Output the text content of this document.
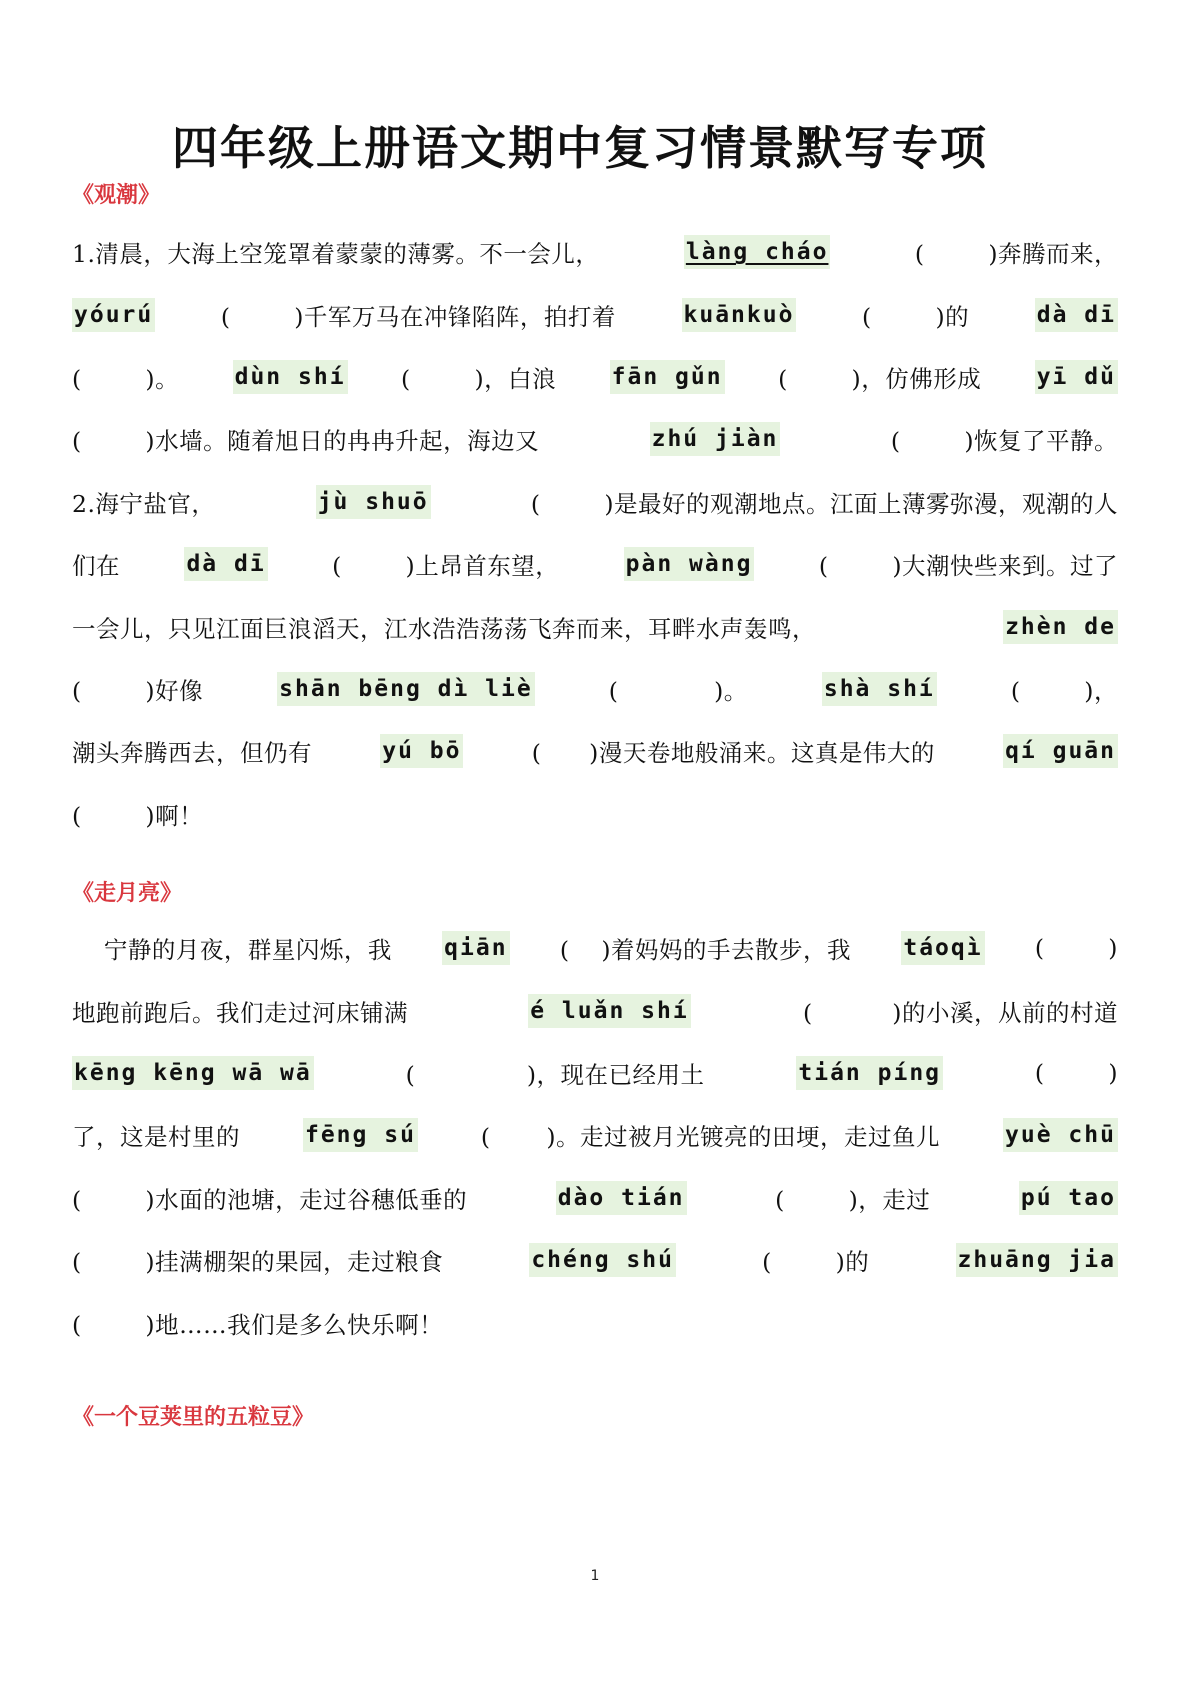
四年级上册语文期中复习情景默写专项
《观潮》
1.清晨，大海上空笼罩着蒙蒙的薄雾。不一会儿，	làng cháo	(        )奔腾而来，
yóurú	(        )千军万马在冲锋陷阵，拍打着	kuānkuò	(        )的	dà dī
(        )。 dùn shí (        )，白浪 fān gǔn (        )，仿佛形成 yī dǔ
(        )水墙。随着旭日的冉冉升起，海边又	zhú jiàn	(        )恢复了平静。
2.海宁盐官，	jù shuō	(        )是最好的观潮地点。江面上薄雾弥漫，观潮的人
们在	dà dī	(        )上昂首东望，	pàn wàng	(        )大潮快些来到。过了
一会儿，只见江面巨浪滔天，江水浩浩荡荡飞奔而来，耳畔水声轰鸣，	zhèn de
(        )好像	shān bēng dì liè	(            )。	shà shí	(        )，
潮头奔腾西去，但仍有	yú bō	(      )漫天卷地般涌来。这真是伟大的	qí guān
(        )啊！
《走月亮》
宁静的月夜，群星闪烁，我 qiān (    )着妈妈的手去散步，我 táoqì (        )
地跑前跑后。我们走过河床铺满	é luǎn shí	(          )的小溪，从前的村道
kēng kēng wā wā	(              )，现在已经用土	tián píng	(        )
了，这是村里的	fēng sú	(       )。走过被月光镀亮的田埂，走过鱼儿	yuè chū
(        )水面的池塘，走过谷穗低垂的	dào tián	(        )，走过	pú tao
(        )挂满棚架的果园，走过粮食	chéng shú	(        )的	zhuāng jia
(        )地……我们是多么快乐啊！
《一个豆荚里的五粒豆》
1
